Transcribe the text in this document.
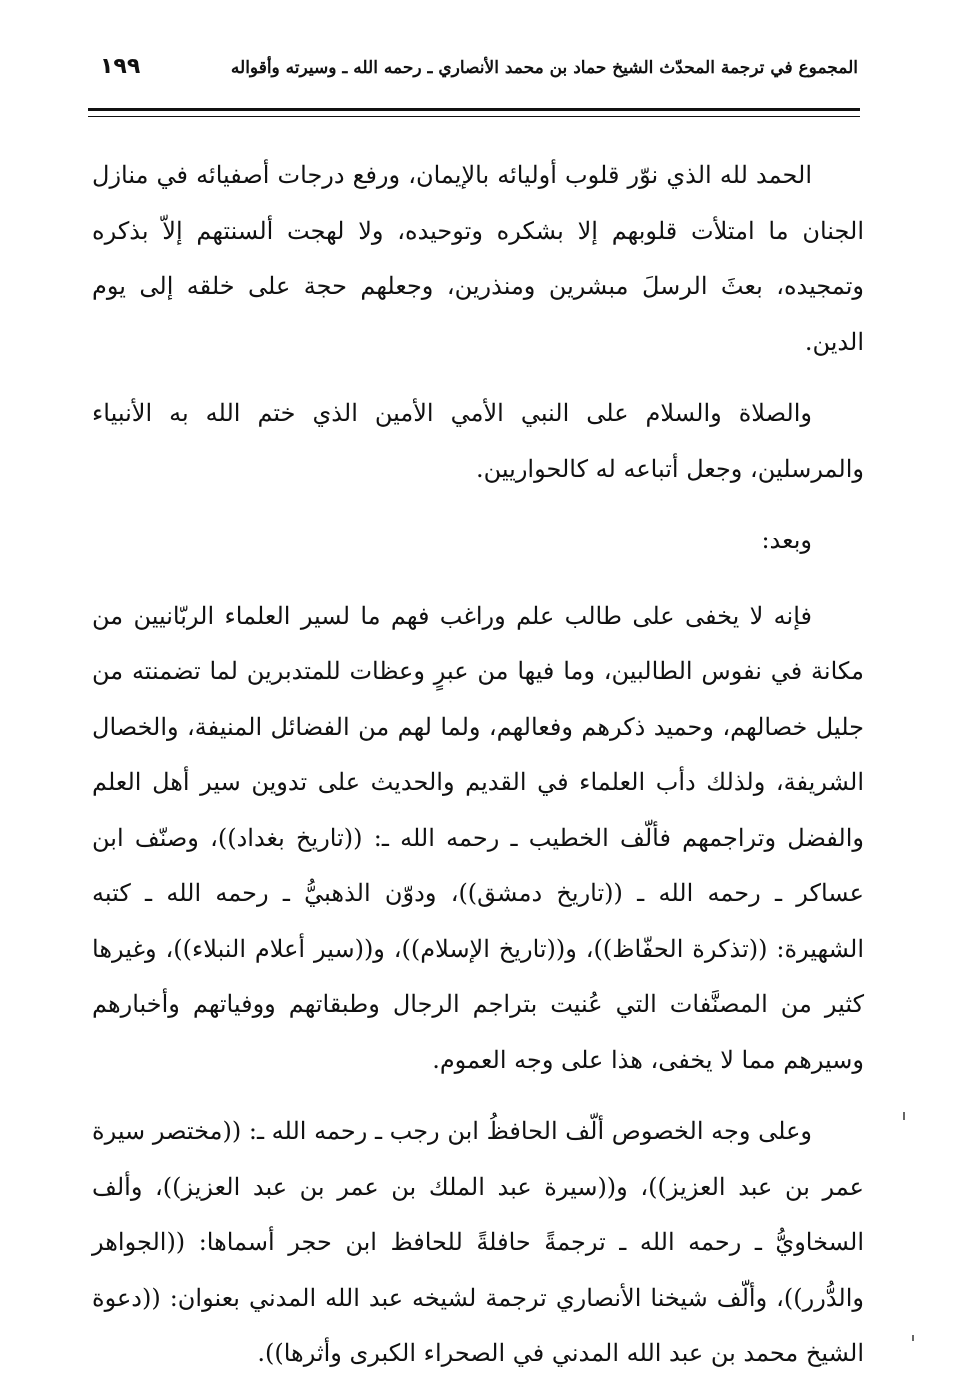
المجموع في ترجمة المحدّث الشيخ حماد بن محمد الأنصاري ـ رحمه الله ـ وسيرته وأقواله
١٩٩

الحمد لله الذي نوّر قلوب أوليائه بالإيمان، ورفع درجات أصفيائه في منازل الجنان ما امتلأت قلوبهم إلا بشكره وتوحيده، ولا لهجت ألسنتهم إلاّ بذكره وتمجيده، بعثَ الرسلَ مبشرين ومنذرين، وجعلهم حجة على خلقه إلى يوم الدين.

والصلاة والسلام على النبي الأمي الأمين الذي ختم الله به الأنبياء والمرسلين، وجعل أتباعه له كالحواريين.

وبعد:

فإنه لا يخفى على طالب علم وراغب فهم ما لسير العلماء الربّانيين من مكانة في نفوس الطالبين، وما فيها من عبرٍ وعظات للمتدبرين لما تضمنته من جليل خصالهم، وحميد ذكرهم وفعالهم، ولما لهم من الفضائل المنيفة، والخصال الشريفة، ولذلك دأب العلماء في القديم والحديث على تدوين سير أهل العلم والفضل وتراجمهم فألّف الخطيب ـ رحمه الله ـ: ((تاريخ بغداد))، وصنّف ابن عساكر ـ رحمه الله ـ ((تاريخ دمشق))، ودوّن الذهبيُّ ـ رحمه الله ـ كتبه الشهيرة: ((تذكرة الحفّاظ))، و((تاريخ الإسلام))، و((سير أعلام النبلاء))، وغيرها كثير من المصنَّفات التي عُنيت بتراجم الرجال وطبقاتهم ووفياتهم وأخبارهم وسيرهم مما لا يخفى، هذا على وجه العموم.

وعلى وجه الخصوص ألّف الحافظُ ابن رجب ـ رحمه الله ـ: ((مختصر سيرة عمر بن عبد العزيز))، و((سيرة عبد الملك بن عمر بن عبد العزيز))، وألف السخاويُّ ـ رحمه الله ـ ترجمةً حافلةً للحافظ ابن حجر أسماها: ((الجواهر والدُّرر))، وألّف شيخنا الأنصاري ترجمة لشيخه عبد الله المدني بعنوان: ((دعوة الشيخ محمد بن عبد الله المدني في الصحراء الكبرى وأثرها)).
